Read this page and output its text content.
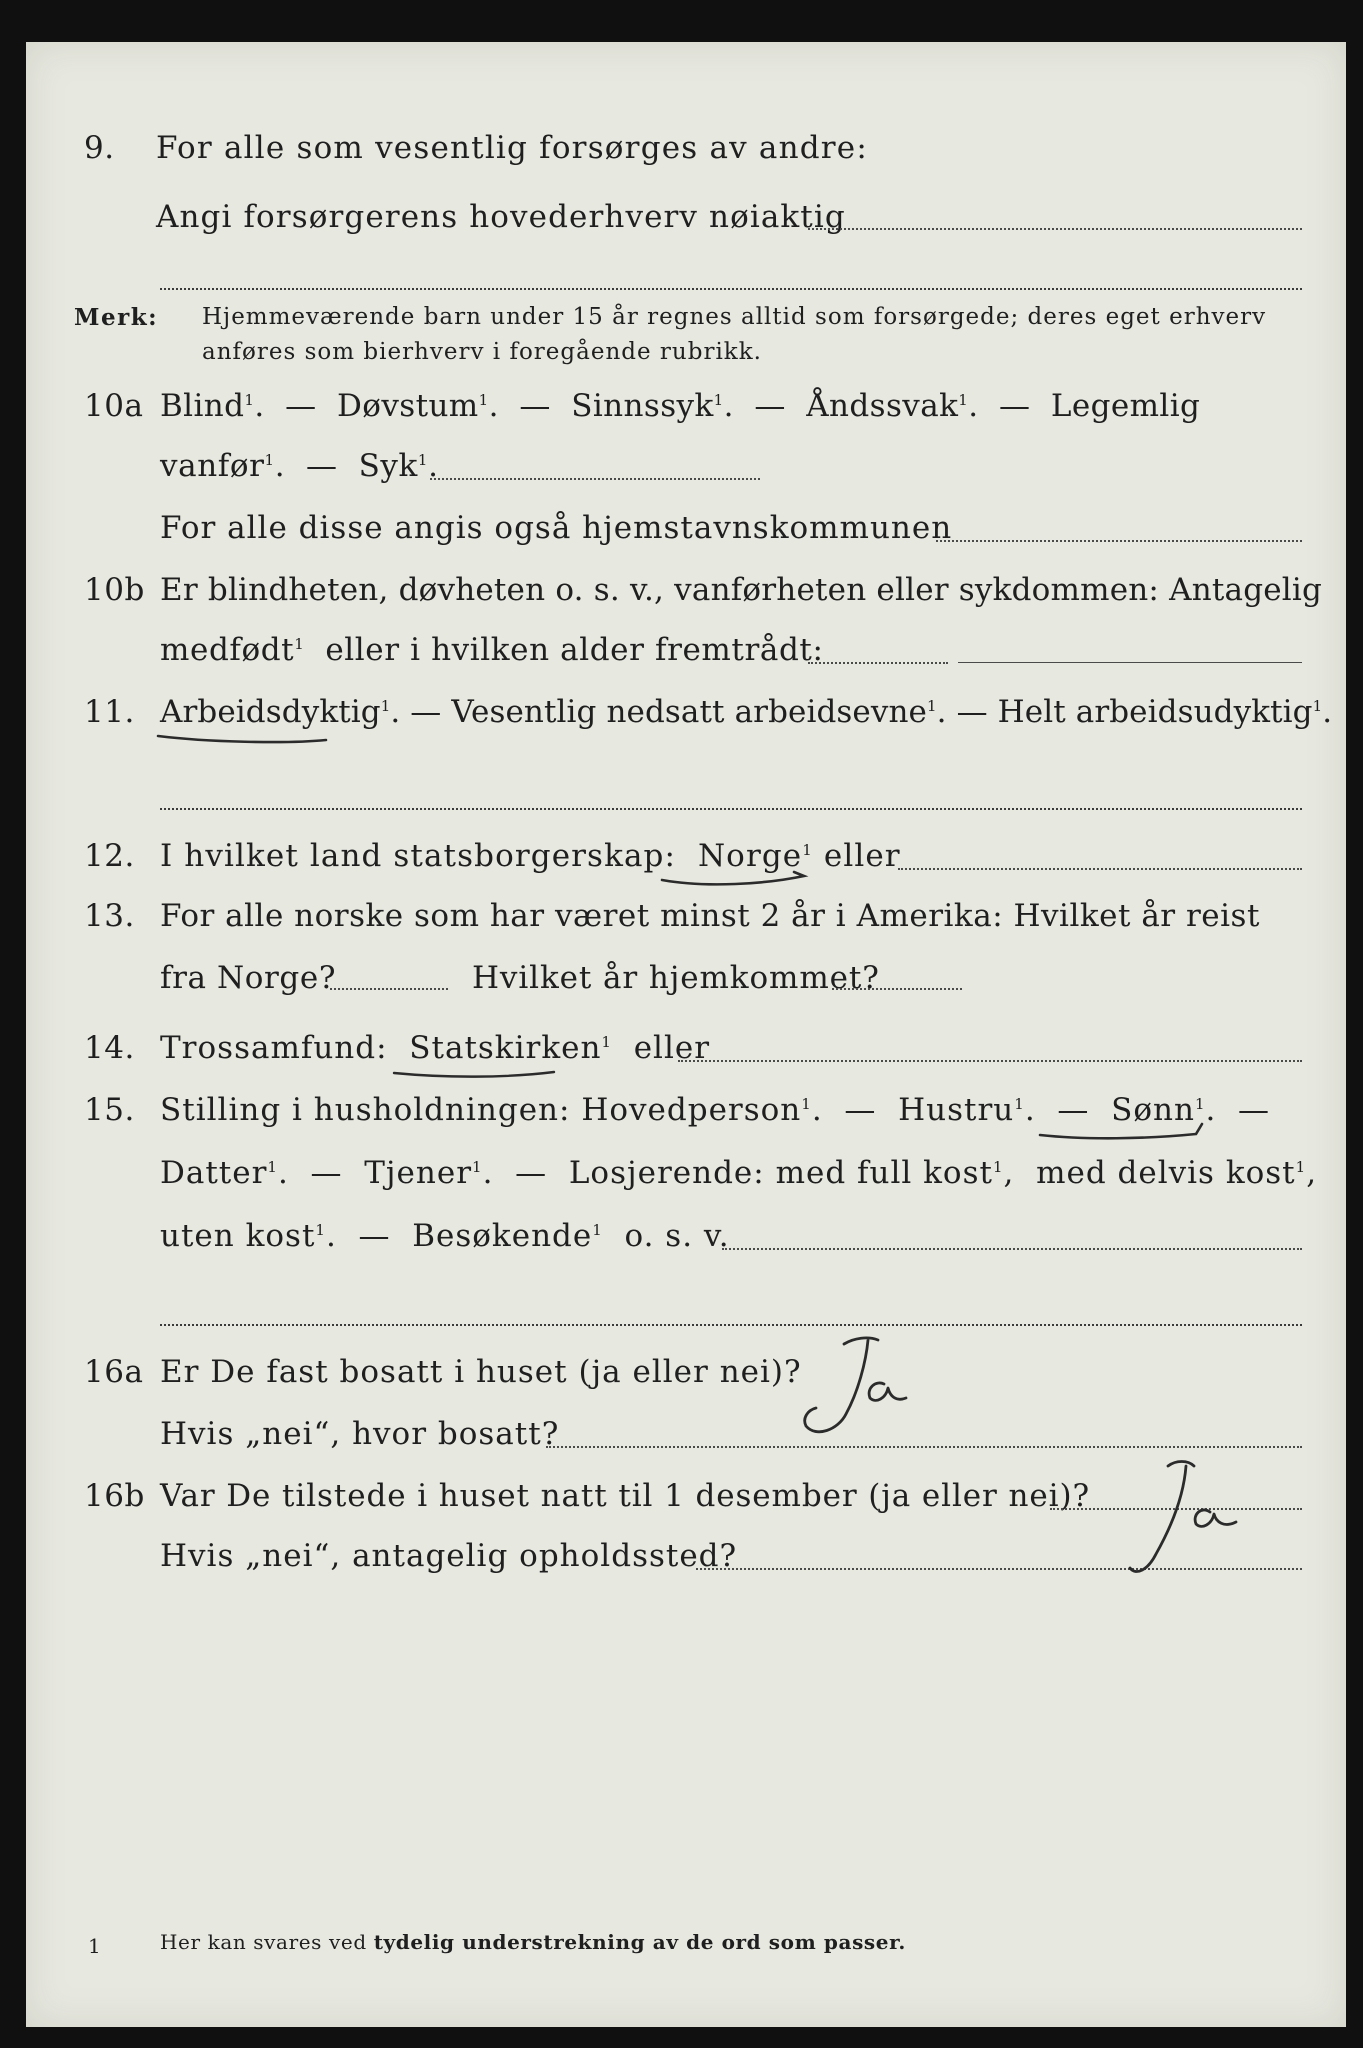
9. For alle som vesentlig forsørges av andre:
Angi forsørgerens hovederhverv nøiaktig
Merk: Hjemmeværende barn under 15 år regnes alltid som forsørgede; deres eget erhverv
anføres som bierhverv i foregående rubrikk.
10a Blind$^1$.  —  Døvstum$^1$.  —  Sinnssyk$^1$.  —  Åndssvak$^1$.  —  Legemlig
vanfør$^1$.  —  Syk$^1$.
For alle disse angis også hjemstavnskommunen
10b Er blindheten, døvheten o. s. v., vanførheten eller sykdommen: Antagelig
medfødt$^1$ eller i hvilken alder fremtrådt:
11. Arbeidsdyktig$^1$. — Vesentlig nedsatt arbeidsevne$^1$. — Helt arbeidsudyktig$^1$.
12. I hvilket land statsborgerskap: Norge$^1$ eller
13. For alle norske som har været minst 2 år i Amerika: Hvilket år reist
fra Norge?	Hvilket år hjemkommet?
14. Trossamfund: Statskirken$^1$ eller
15. Stilling i husholdningen: Hovedperson$^1$.  —  Hustru$^1$.  —  Sønn$^1$.  —
Datter$^1$.  —  Tjener$^1$.  —  Losjerende: med full kost$^1$,  med delvis kost$^1$,
uten kost$^1$.  —  Besøkende$^1$ o. s. v.
16a Er De fast bosatt i huset (ja eller nei)?
Hvis „nei“, hvor bosatt?
16b Var De tilstede i huset natt til 1 desember (ja eller nei)?
Hvis „nei“, antagelig opholdssted?
1	Her kan svares ved tydelig understrekning av de ord som passer.
